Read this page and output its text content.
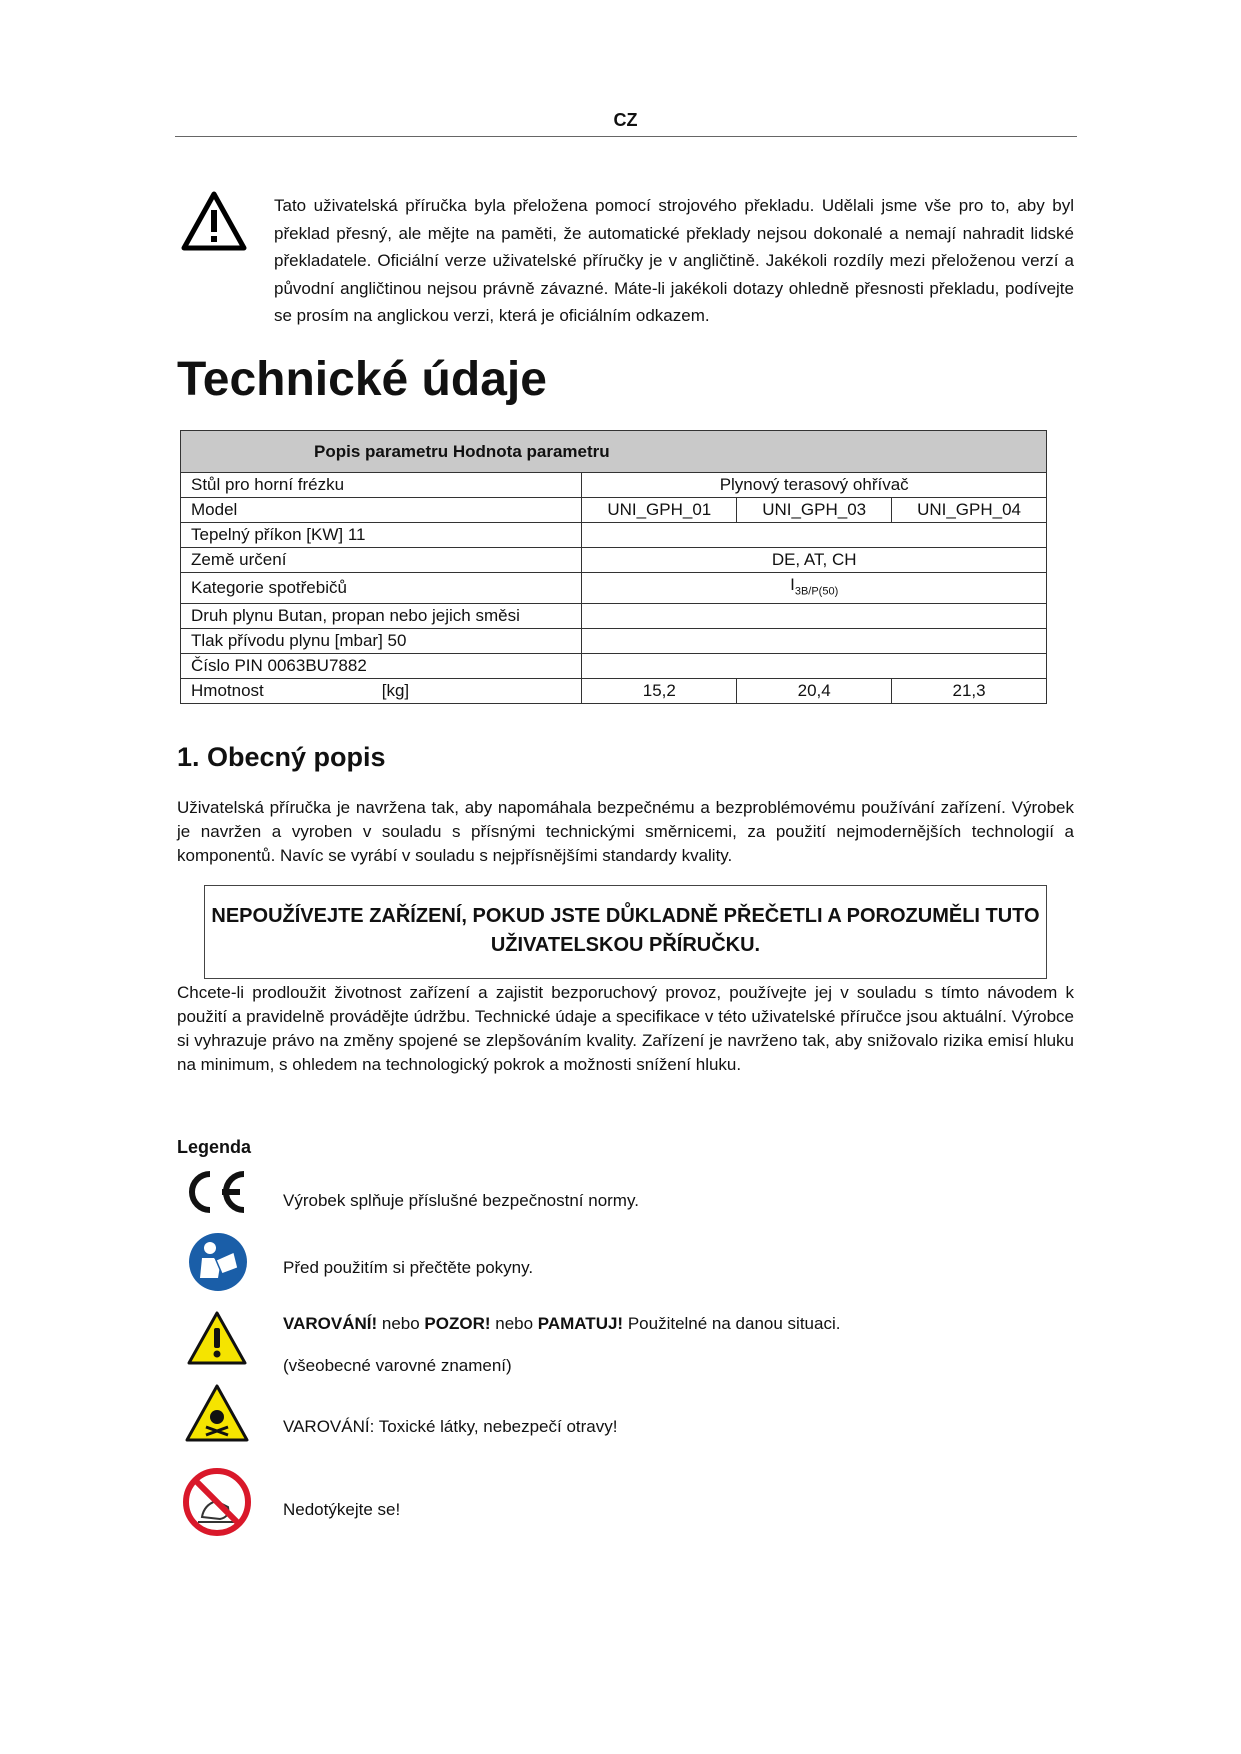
CZ
Tato uživatelská příručka byla přeložena pomocí strojového překladu. Udělali jsme vše pro to, aby byl překlad přesný, ale mějte na paměti, že automatické překlady nejsou dokonalé a nemají nahradit lidské překladatele. Oficiální verze uživatelské příručky je v angličtině. Jakékoli rozdíly mezi přeloženou verzí a původní angličtinou nejsou právně závazné. Máte-li jakékoli dotazy ohledně přesnosti překladu, podívejte se prosím na anglickou verzi, která je oficiálním odkazem.
Technické údaje
Popis parametru Hodnota parametru			
Stůl pro horní frézku	Plynový terasový ohřívač		
Model	UNI_GPH_01	UNI_GPH_03	UNI_GPH_04
Tepelný příkon [KW] 11			
Země určení	DE, AT, CH		
Kategorie spotřebičů	$I_{3B/P(50)}$
Druh plynu Butan, propan nebo jejich směsi			
Tlak přívodu plynu [mbar] 50			
Číslo PIN 0063BU7882			
Hmotnost [kg]	15,2	20,4	21,3
1. Obecný popis
Uživatelská příručka je navržena tak, aby napomáhala bezpečnému a bezproblémovému používání zařízení. Výrobek je navržen a vyroben v souladu s přísnými technickými směrnicemi, za použití nejmodernějších technologií a komponentů. Navíc se vyrábí v souladu s nejpřísnějšími standardy kvality.
NEPOUŽÍVEJTE ZAŘÍZENÍ, POKUD JSTE DŮKLADNĚ PŘEČETLI A POROZUMĚLI TUTO UŽIVATELSKOU PŘÍRUČKU.
Chcete-li prodloužit životnost zařízení a zajistit bezporuchový provoz, používejte jej v souladu s tímto návodem k použití a pravidelně provádějte údržbu. Technické údaje a specifikace v této uživatelské příručce jsou aktuální. Výrobce si vyhrazuje právo na změny spojené se zlepšováním kvality. Zařízení je navrženo tak, aby snižovalo rizika emisí hluku na minimum, s ohledem na technologický pokrok a možnosti snížení hluku.
Legenda
Výrobek splňuje příslušné bezpečnostní normy.
Před použitím si přečtěte pokyny.
VAROVÁNÍ! nebo POZOR! nebo PAMATUJ! Použitelné na danou situaci.
(všeobecné varovné znamení)
VAROVÁNÍ: Toxické látky, nebezpečí otravy!
Nedotýkejte se!
